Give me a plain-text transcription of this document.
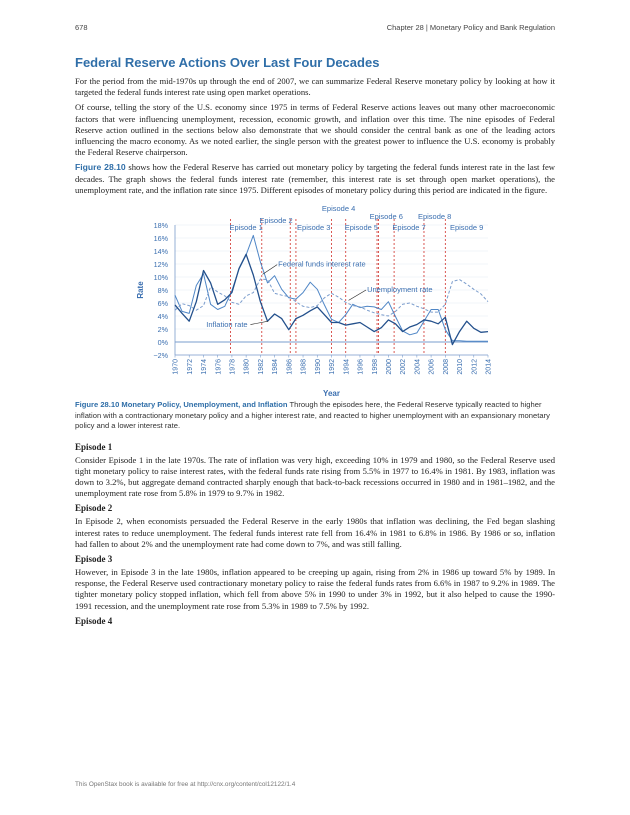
678	Chapter 28 | Monetary Policy and Bank Regulation
Federal Reserve Actions Over Last Four Decades

For the period from the mid-1970s up through the end of 2007, we can summarize Federal Reserve monetary policy by looking at how it targeted the federal funds interest rate using open market operations.

Of course, telling the story of the U.S. economy since 1975 in terms of Federal Reserve actions leaves out many other macroeconomic factors that were influencing unemployment, recession, economic growth, and inflation over this time. The nine episodes of Federal Reserve action outlined in the sections below also demonstrate that we should consider the central bank as one of the leading actors influencing the macro economy. As we noted earlier, the single person with the greatest power to influence the U.S. economy is probably the Federal Reserve chairperson.

Figure 28.10 shows how the Federal Reserve has carried out monetary policy by targeting the federal funds interest rate in the last few decades. The graph shows the federal funds interest rate (remember, this interest rate is set through open market operations), the unemployment rate, and the inflation rate since 1975. Different episodes of monetary policy during this period are indicated in the figure.

−2%
0%
2%
4%
6%
8%
10%
12%
14%
16%
18%
1970 1972 1974 1976 1978 1980 1982 1984 1986 1988 1990 1992 1994 1996 1998 2000 2002 2004 2006 2008 2010 2012 2014
Year
Rate
Episode 1
Episode 2
Episode 3
Episode 4
Episode 5
Episode 6
Episode 7
Episode 8
Episode 9
Federal funds interest rate
Unemployment rate
Inflation rate

Figure 28.10 Monetary Policy, Unemployment, and Inflation Through the episodes here, the Federal Reserve typically reacted to higher inflation with a contractionary monetary policy and a higher interest rate, and reacted to higher unemployment with an expansionary monetary policy and a lower interest rate.

Episode 1

Consider Episode 1 in the late 1970s. The rate of inflation was very high, exceeding 10% in 1979 and 1980, so the Federal Reserve used tight monetary policy to raise interest rates, with the federal funds rate rising from 5.5% in 1977 to 16.4% in 1981. By 1983, inflation was down to 3.2%, but aggregate demand contracted sharply enough that back-to-back recessions occurred in 1980 and in 1981–1982, and the unemployment rate rose from 5.8% in 1979 to 9.7% in 1982.

Episode 2

In Episode 2, when economists persuaded the Federal Reserve in the early 1980s that inflation was declining, the Fed began slashing interest rates to reduce unemployment. The federal funds interest rate fell from 16.4% in 1981 to 6.8% in 1986. By 1986 or so, inflation had fallen to about 2% and the unemployment rate had come down to 7%, and was still falling.

Episode 3

However, in Episode 3 in the late 1980s, inflation appeared to be creeping up again, rising from 2% in 1986 up toward 5% by 1989. In response, the Federal Reserve used contractionary monetary policy to raise the federal funds rates from 6.6% in 1987 to 9.2% in 1989. The tighter monetary policy stopped inflation, which fell from above 5% in 1990 to under 3% in 1992, but it also helped to cause the 1990-1991 recession, and the unemployment rate rose from 5.3% in 1989 to 7.5% by 1992.

Episode 4
This OpenStax book is available for free at http://cnx.org/content/col12122/1.4
